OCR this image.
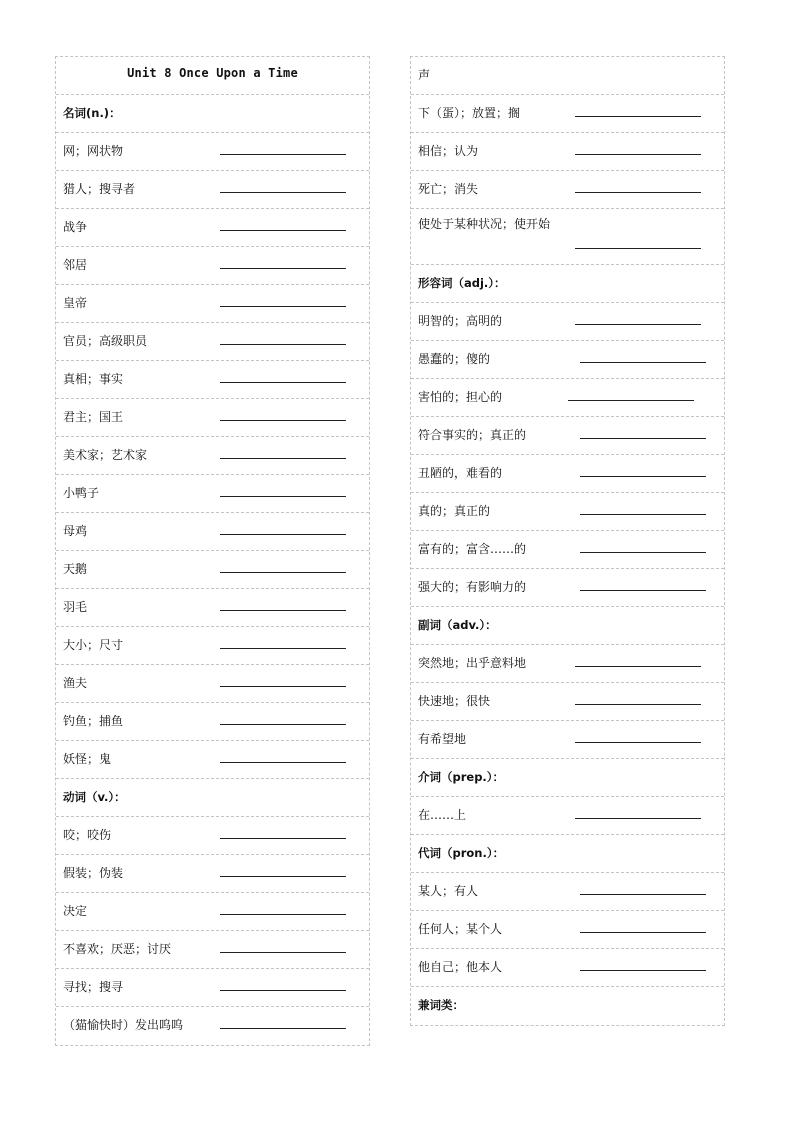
Unit 8 Once Upon a Time
名词(n.)：
网；网状物
猎人；搜寻者
战争
邻居
皇帝
官员；高级职员
真相；事实
君主；国王
美术家；艺术家
小鸭子
母鸡
天鹅
羽毛
大小；尺寸
渔夫
钓鱼；捕鱼
妖怪；鬼
动词（v.）：
咬；咬伤
假装；伪装
决定
不喜欢；厌恶；讨厌
寻找；搜寻
（猫愉快时）发出呜呜
声
下（蛋）；放置；搁
相信；认为
死亡；消失
使处于某种状况；使开始
形容词（adj.）：
明智的；高明的
愚蠢的；傻的
害怕的；担心的
符合事实的；真正的
丑陋的，难看的
真的；真正的
富有的；富含……的
强大的；有影响力的
副词（adv.）：
突然地；出乎意料地
快速地；很快
有希望地
介词（prep.）：
在……上
代词（pron.）：
某人；有人
任何人；某个人
他自己；他本人
兼词类：
